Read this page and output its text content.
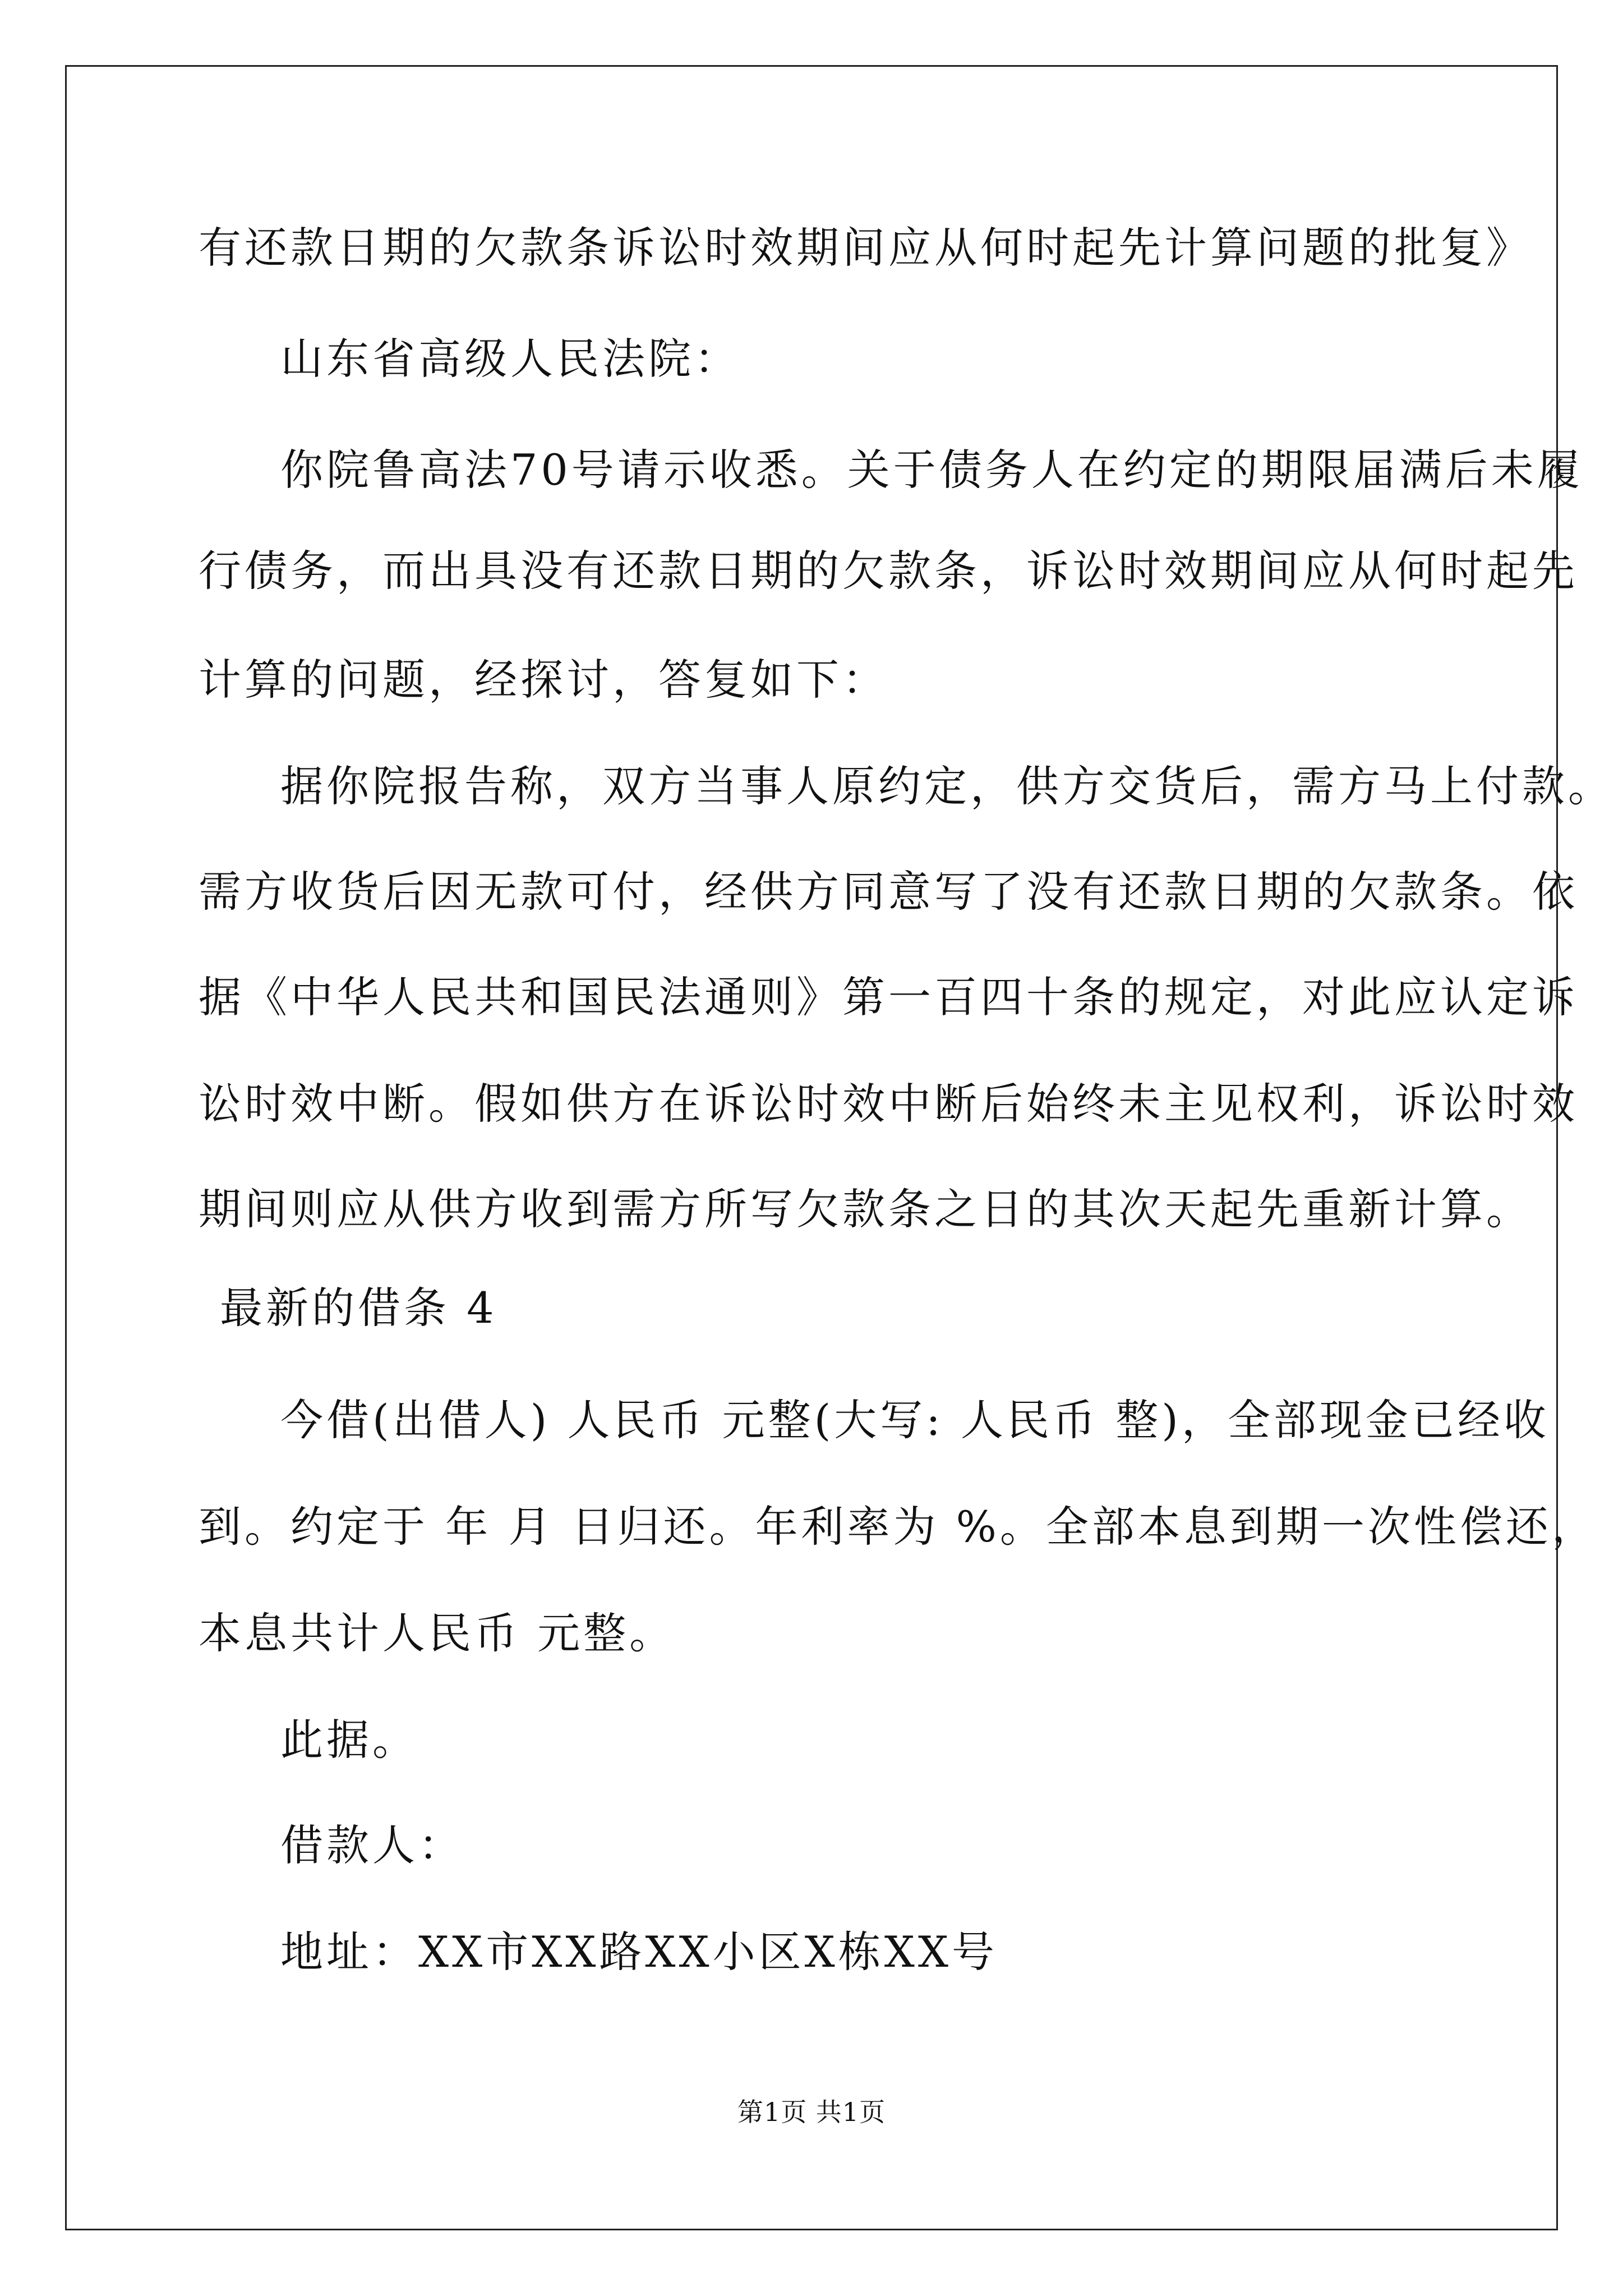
有还款日期的欠款条诉讼时效期间应从何时起先计算问题的批复》
山东省高级人民法院：
你院鲁高法70号请示收悉。关于债务人在约定的期限届满后未履
行债务，而出具没有还款日期的欠款条，诉讼时效期间应从何时起先
计算的问题，经探讨，答复如下：
据你院报告称，双方当事人原约定，供方交货后，需方马上付款。
需方收货后因无款可付，经供方同意写了没有还款日期的欠款条。依
据《中华人民共和国民法通则》第一百四十条的规定，对此应认定诉
讼时效中断。假如供方在诉讼时效中断后始终未主见权利，诉讼时效
期间则应从供方收到需方所写欠款条之日的其次天起先重新计算。
最新的借条 4
今借(出借人) 人民币 元整(大写: 人民币 整)，全部现金已经收
到。约定于 年 月 日归还。年利率为 %。全部本息到期一次性偿还，
本息共计人民币 元整。
此据。
借款人：
地址：XX市XX路XX小区X栋XX号
第1页 共1页
